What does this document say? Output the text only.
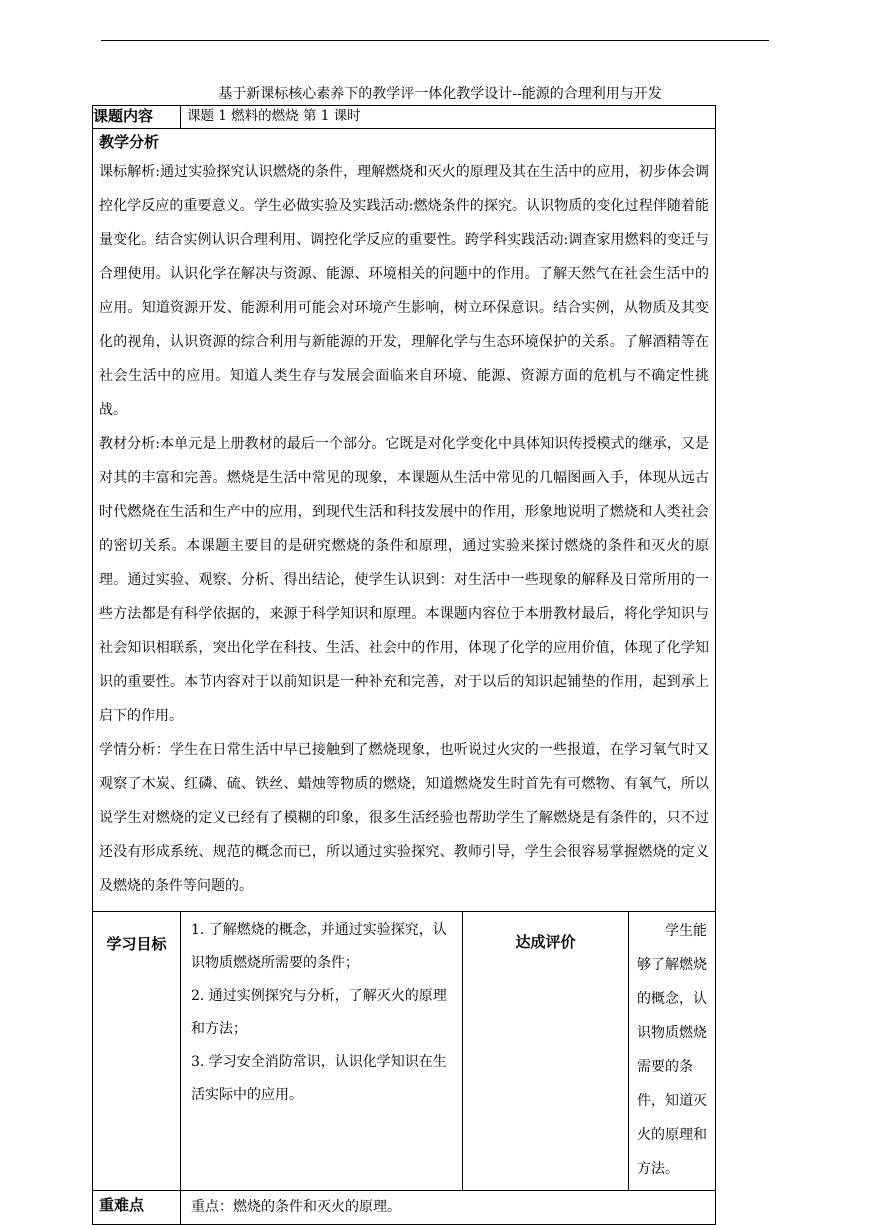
基于新课标核心素养下的教学评一体化教学设计--能源的合理利用与开发
课题内容	课题 1 燃料的燃烧 第 1 课时		

教学分析

课标解析:通过实验探究认识燃烧的条件，理解燃烧和灭火的原理及其在生活中的应用，初步体会调控化学反应的重要意义。学生必做实验及实践活动:燃烧条件的探究。认识物质的变化过程伴随着能量变化。结合实例认识合理利用、调控化学反应的重要性。跨学科实践活动:调查家用燃料的变迁与合理使用。认识化学在解决与资源、能源、环境相关的问题中的作用。了解天然气在社会生活中的应用。知道资源开发、能源利用可能会对环境产生影响，树立环保意识。结合实例，从物质及其变化的视角，认识资源的综合利用与新能源的开发，理解化学与生态环境保护的关系。了解酒精等在社会生活中的应用。知道人类生存与发展会面临来自环境、能源、资源方面的危机与不确定性挑战。

教材分析:本单元是上册教材的最后一个部分。它既是对化学变化中具体知识传授模式的继承，又是对其的丰富和完善。燃烧是生活中常见的现象，本课题从生活中常见的几幅图画入手，体现从远古时代燃烧在生活和生产中的应用，到现代生活和科技发展中的作用，形象地说明了燃烧和人类社会的密切关系。本课题主要目的是研究燃烧的条件和原理，通过实验来探讨燃烧的条件和灭火的原理。通过实验、观察、分析、得出结论，使学生认识到：对生活中一些现象的解释及日常所用的一些方法都是有科学依据的，来源于科学知识和原理。本课题内容位于本册教材最后，将化学知识与社会知识相联系，突出化学在科技、生活、社会中的作用，体现了化学的应用价值，体现了化学知识的重要性。本节内容对于以前知识是一种补充和完善，对于以后的知识起铺垫的作用，起到承上启下的作用。

学情分析：学生在日常生活中早已接触到了燃烧现象，也听说过火灾的一些报道，在学习氧气时又观察了木炭、红磷、硫、铁丝、蜡烛等物质的燃烧，知道燃烧发生时首先有可燃物、有氧气，所以说学生对燃烧的定义已经有了模糊的印象，很多生活经验也帮助学生了解燃烧是有条件的，只不过还没有形成系统、规范的概念而已，所以通过实验探究、教师引导，学生会很容易掌握燃烧的定义及燃烧的条件等问题的。			

学习目标	1. 了解燃烧的概念，并通过实验探究，认识物质燃烧所需要的条件；

2. 通过实例探究与分析，了解灭火的原理和方法；

3. 学习安全消防常识，认识化学知识在生活实际中的应用。	达成评价	学生能够了解燃烧的概念，认识物质燃烧需要的条件，知道灭火的原理和方法。

重难点	重点：燃烧的条件和灭火的原理。		
